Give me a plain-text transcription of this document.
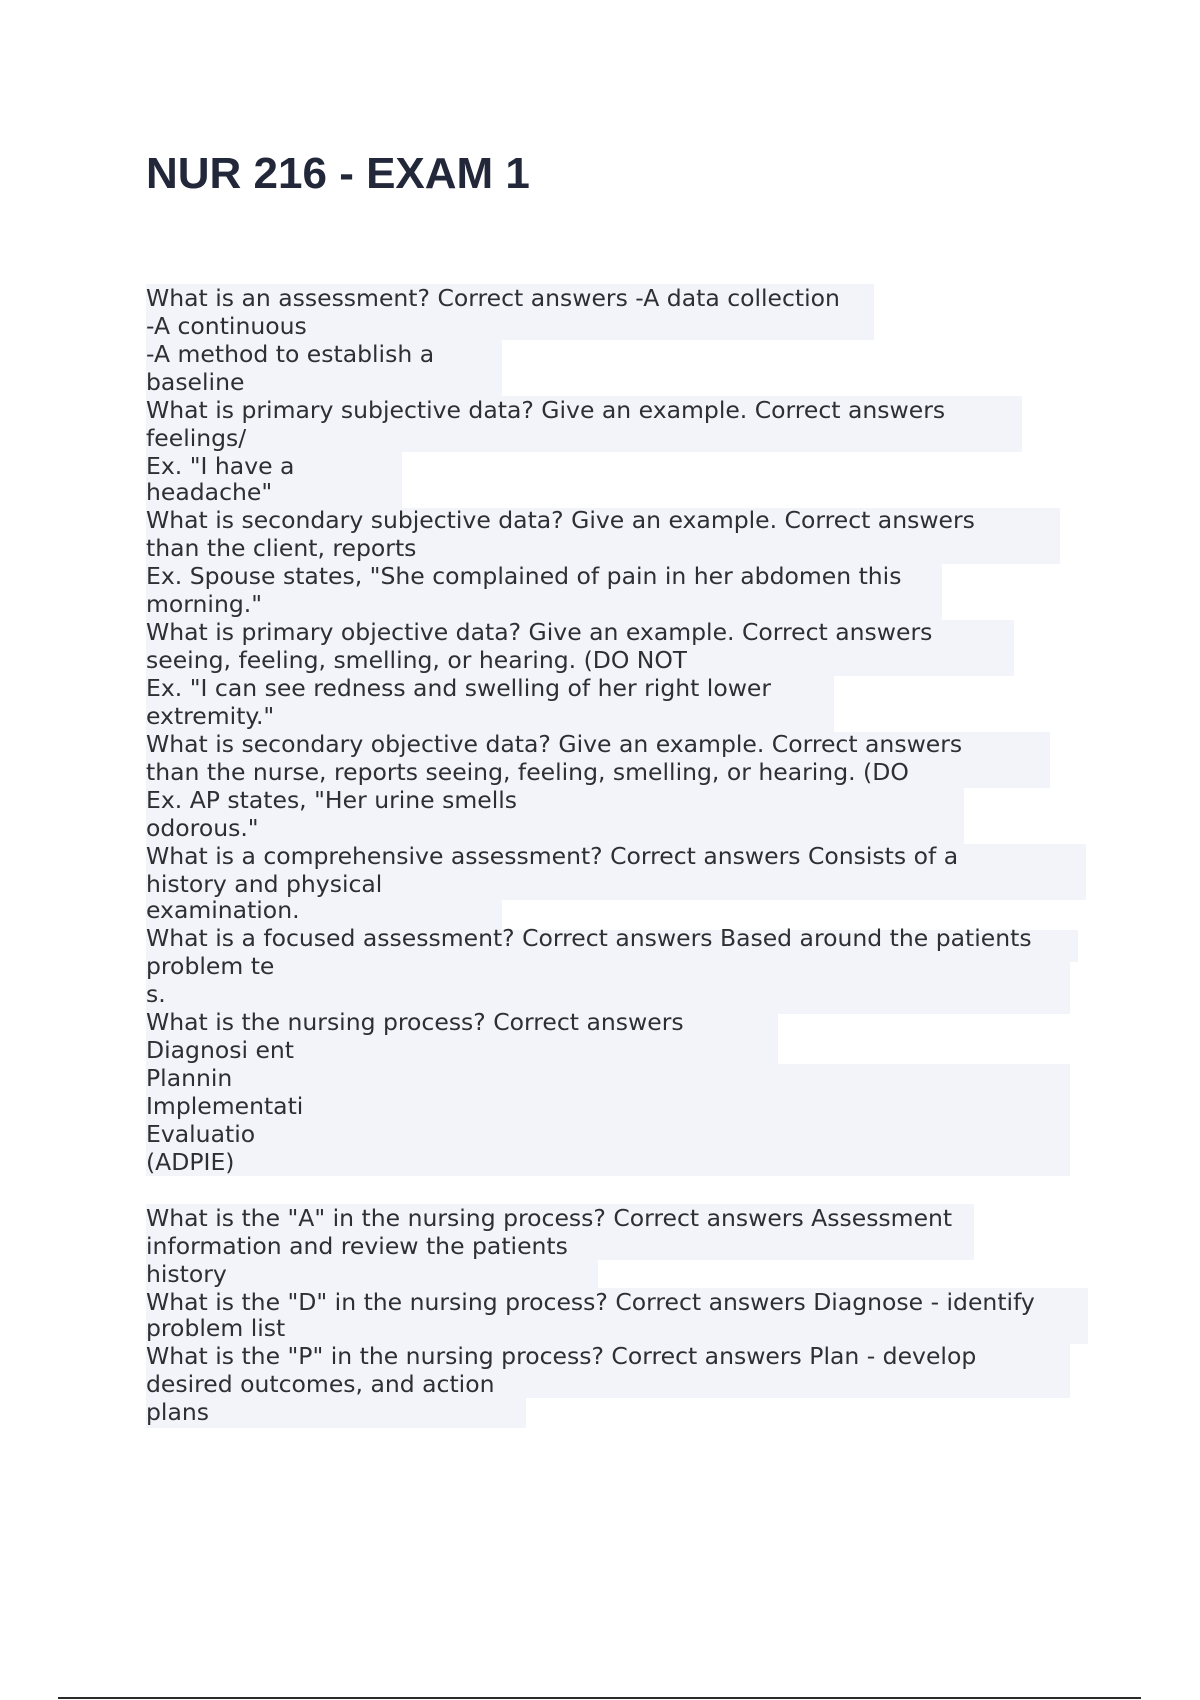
NUR 216 - EXAM 1
What is an assessment? Correct answers -A data collection
-A continuous
-A method to establish a
baseline
What is primary subjective data? Give an example. Correct answers
feelings/
Ex. "I have a
headache"
What is secondary subjective data? Give an example. Correct answers
than the client, reports
Ex. Spouse states, "She complained of pain in her abdomen this
morning."
What is primary objective data? Give an example. Correct answers
seeing, feeling, smelling, or hearing. (DO NOT
Ex. "I can see redness and swelling of her right lower
extremity."
What is secondary objective data? Give an example. Correct answers
than the nurse, reports seeing, feeling, smelling, or hearing. (DO
Ex. AP states, "Her urine smells
odorous."
What is a comprehensive assessment? Correct answers Consists of a
history and physical
examination.
What is a focused assessment? Correct answers Based around the patients
problem te
s.
What is the nursing process? Correct answers
Diagnosi ent
Plannin
Implementati
Evaluatio
(ADPIE)
What is the "A" in the nursing process? Correct answers Assessment
information and review the patients
history
What is the "D" in the nursing process? Correct answers Diagnose - identify
problem list
What is the "P" in the nursing process? Correct answers Plan - develop
desired outcomes, and action
plans
